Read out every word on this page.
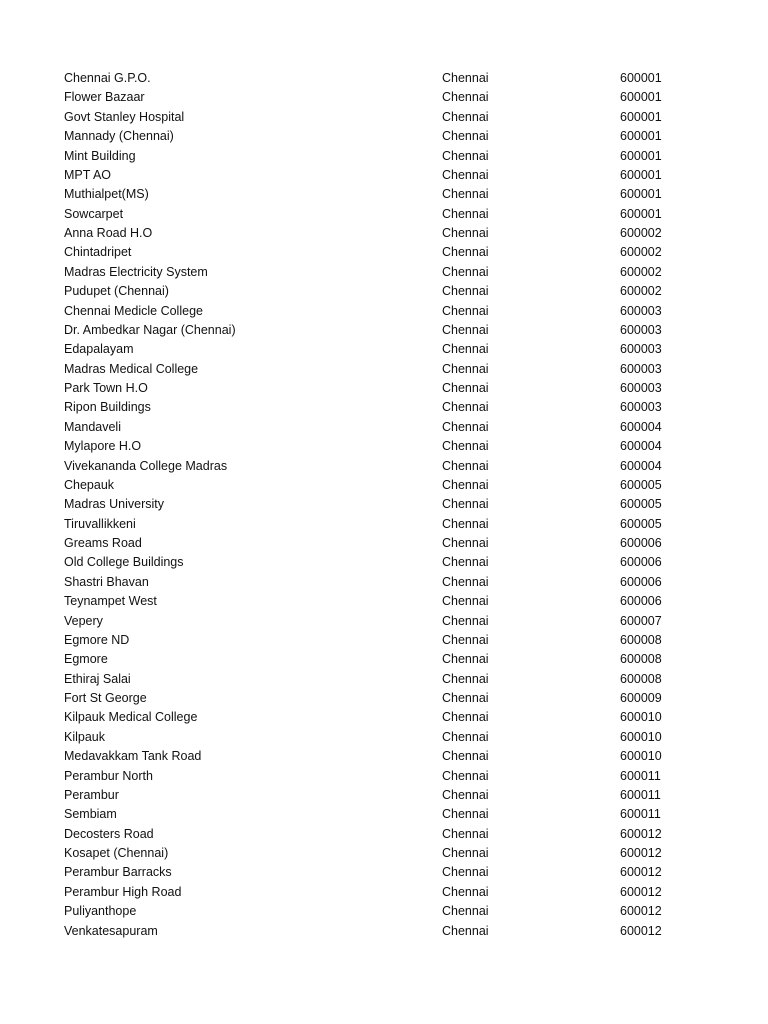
Chennai G.P.O.	Chennai	600001
Flower Bazaar	Chennai	600001
Govt Stanley Hospital	Chennai	600001
Mannady (Chennai)	Chennai	600001
Mint Building	Chennai	600001
MPT AO	Chennai	600001
Muthialpet(MS)	Chennai	600001
Sowcarpet	Chennai	600001
Anna Road H.O	Chennai	600002
Chintadripet	Chennai	600002
Madras Electricity System	Chennai	600002
Pudupet (Chennai)	Chennai	600002
Chennai Medicle College	Chennai	600003
Dr. Ambedkar Nagar (Chennai)	Chennai	600003
Edapalayam	Chennai	600003
Madras Medical College	Chennai	600003
Park Town H.O	Chennai	600003
Ripon Buildings	Chennai	600003
Mandaveli	Chennai	600004
Mylapore H.O	Chennai	600004
Vivekananda College Madras	Chennai	600004
Chepauk	Chennai	600005
Madras University	Chennai	600005
Tiruvallikkeni	Chennai	600005
Greams Road	Chennai	600006
Old College Buildings	Chennai	600006
Shastri Bhavan	Chennai	600006
Teynampet West	Chennai	600006
Vepery	Chennai	600007
Egmore ND	Chennai	600008
Egmore	Chennai	600008
Ethiraj Salai	Chennai	600008
Fort St George	Chennai	600009
Kilpauk Medical College	Chennai	600010
Kilpauk	Chennai	600010
Medavakkam Tank Road	Chennai	600010
Perambur North	Chennai	600011
Perambur	Chennai	600011
Sembiam	Chennai	600011
Decosters Road	Chennai	600012
Kosapet (Chennai)	Chennai	600012
Perambur Barracks	Chennai	600012
Perambur High Road	Chennai	600012
Puliyanthope	Chennai	600012
Venkatesapuram	Chennai	600012
